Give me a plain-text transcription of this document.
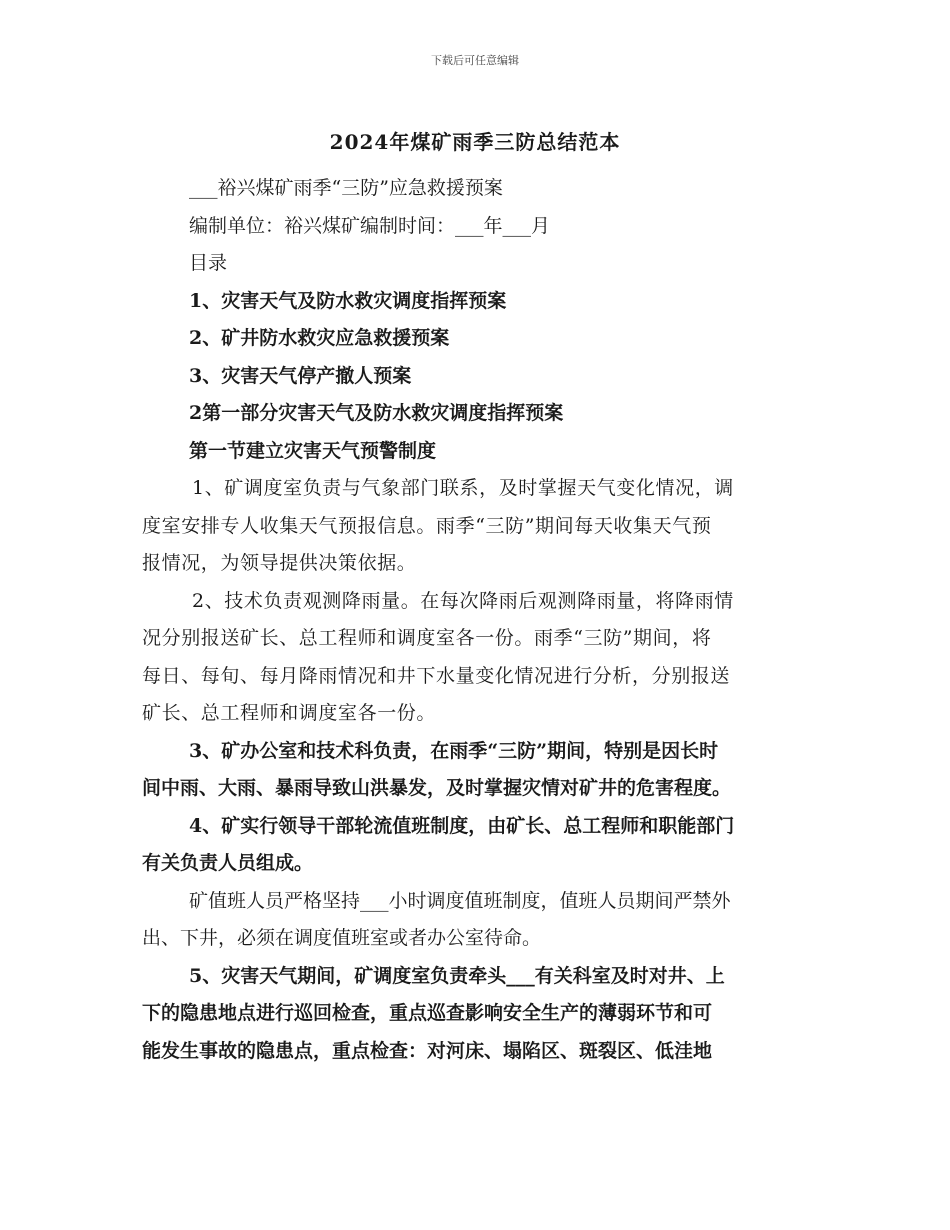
下载后可任意编辑
2024年煤矿雨季三防总结范本
___裕兴煤矿雨季“三防”应急救援预案
编制单位：裕兴煤矿编制时间：___年___月
目录
1、灾害天气及防水救灾调度指挥预案
2、矿井防水救灾应急救援预案
3、灾害天气停产撤人预案
2第一部分灾害天气及防水救灾调度指挥预案
第一节建立灾害天气预警制度
1、矿调度室负责与气象部门联系，及时掌握天气变化情况，调
度室安排专人收集天气预报信息。雨季“三防”期间每天收集天气预
报情况，为领导提供决策依据。
2、技术负责观测降雨量。在每次降雨后观测降雨量，将降雨情
况分别报送矿长、总工程师和调度室各一份。雨季“三防”期间，将
每日、每旬、每月降雨情况和井下水量变化情况进行分析，分别报送
矿长、总工程师和调度室各一份。
3、矿办公室和技术科负责，在雨季“三防”期间，特别是因长时
间中雨、大雨、暴雨导致山洪暴发，及时掌握灾情对矿井的危害程度。
4、矿实行领导干部轮流值班制度，由矿长、总工程师和职能部门
有关负责人员组成。
矿值班人员严格坚持___小时调度值班制度，值班人员期间严禁外
出、下井，必须在调度值班室或者办公室待命。
5、灾害天气期间，矿调度室负责牵头___有关科室及时对井、上
下的隐患地点进行巡回检查，重点巡查影响安全生产的薄弱环节和可
能发生事故的隐患点，重点检查：对河床、塌陷区、斑裂区、低洼地
